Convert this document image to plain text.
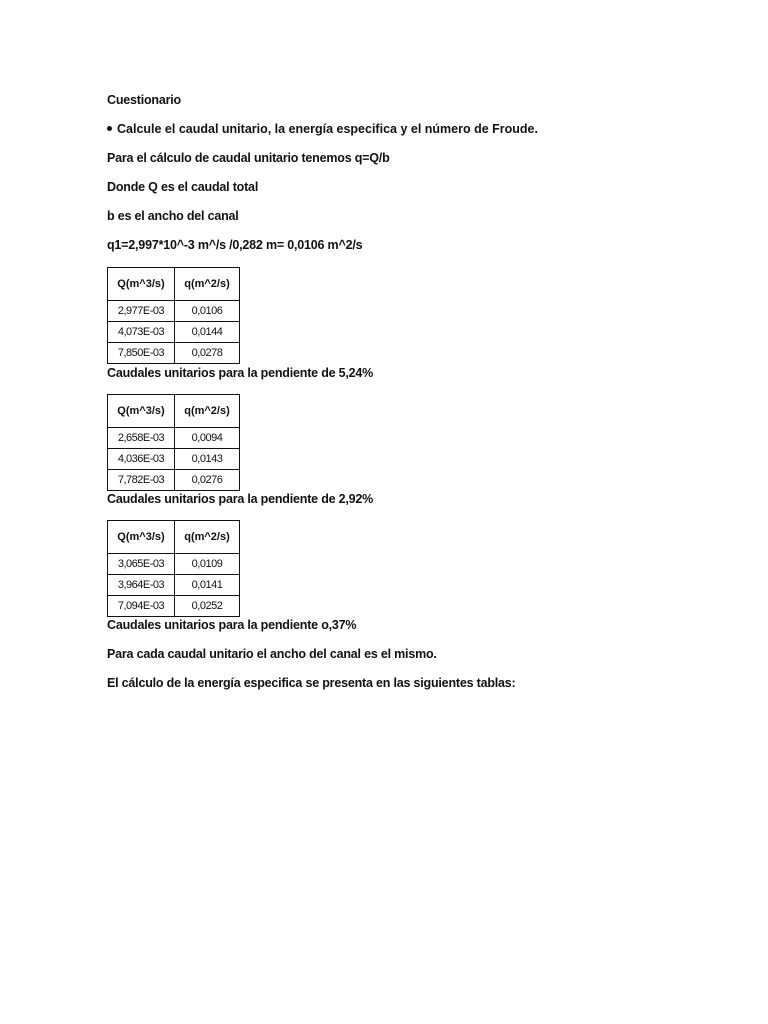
Cuestionario
Calcule el caudal unitario, la energía especifica y el número de Froude.
Para el cálculo de caudal unitario tenemos q=Q/b
Donde Q es el caudal total
b es el ancho del canal
q1=2,997*10^-3 m^/s /0,282 m= 0,0106 m^2/s
Q(m^3/s)	q(m^2/s)
2,977E-03	0,0106
4,073E-03	0,0144
7,850E-03	0,0278
Caudales unitarios para la pendiente de 5,24%
Q(m^3/s)	q(m^2/s)
2,658E-03	0,0094
4,036E-03	0,0143
7,782E-03	0,0276
Caudales unitarios para la pendiente de 2,92%
Q(m^3/s)	q(m^2/s)
3,065E-03	0,0109
3,964E-03	0,0141
7,094E-03	0,0252
Caudales unitarios para la pendiente o,37%
Para cada caudal unitario el ancho del canal es el mismo.
El cálculo de la energía especifica se presenta en las siguientes tablas:
